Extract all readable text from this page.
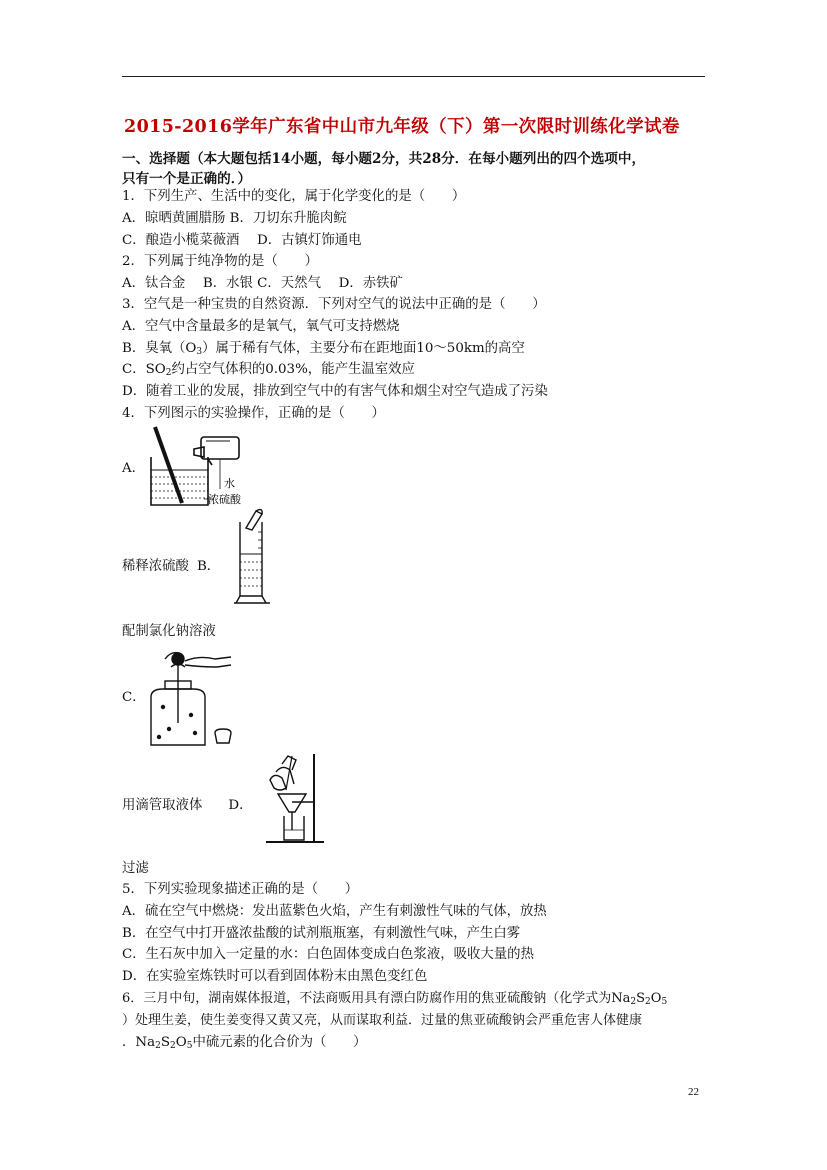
2015-2016学年广东省中山市九年级（下）第一次限时训练化学试卷
一、选择题（本大题包括14小题，每小题2分，共28分．在每小题列出的四个选项中，
只有一个是正确的．）
1．下列生产、生活中的变化，属于化学变化的是（　　）
A．晾晒黄圃腊肠 B．刀切东升脆肉鲩
C．酿造小榄菜薇酒　 D．古镇灯饰通电
2．下列属于纯净物的是（　　）
A．钛合金　 B．水银 C．天然气　 D．赤铁矿
3．空气是一种宝贵的自然资源．下列对空气的说法中正确的是（　　）
A．空气中含量最多的是氧气，氧气可支持燃烧
B．臭氧$(O_3)$属于稀有气体，主要分布在距地面10～50km的高空
C．$SO_2$约占空气体积的0.03%，能产生温室效应
D．随着工业的发展，排放到空气中的有害气体和烟尘对空气造成了污染
4．下列图示的实验操作，正确的是（　　）
A．
水
浓硫酸
稀释浓硫酸 B．
配制氯化钠溶液
C．
用滴管取液体 D．
过滤
5．下列实验现象描述正确的是（　　）
A．硫在空气中燃烧：发出蓝紫色火焰，产生有刺激性气味的气体，放热
B．在空气中打开盛浓盐酸的试剂瓶瓶塞，有刺激性气味，产生白雾
C．生石灰中加入一定量的水：白色固体变成白色浆液，吸收大量的热
D．在实验室炼铁时可以看到固体粉末由黑色变红色
6．三月中旬，湖南媒体报道，不法商贩用具有漂白防腐作用的焦亚硫酸钠（化学式为$Na_2S_2O_5$
）处理生姜，使生姜变得又黄又亮，从而谋取利益．过量的焦亚硫酸钠会严重危害人体健康
．$Na_2S_2O_5$中硫元素的化合价为（　　）
22
